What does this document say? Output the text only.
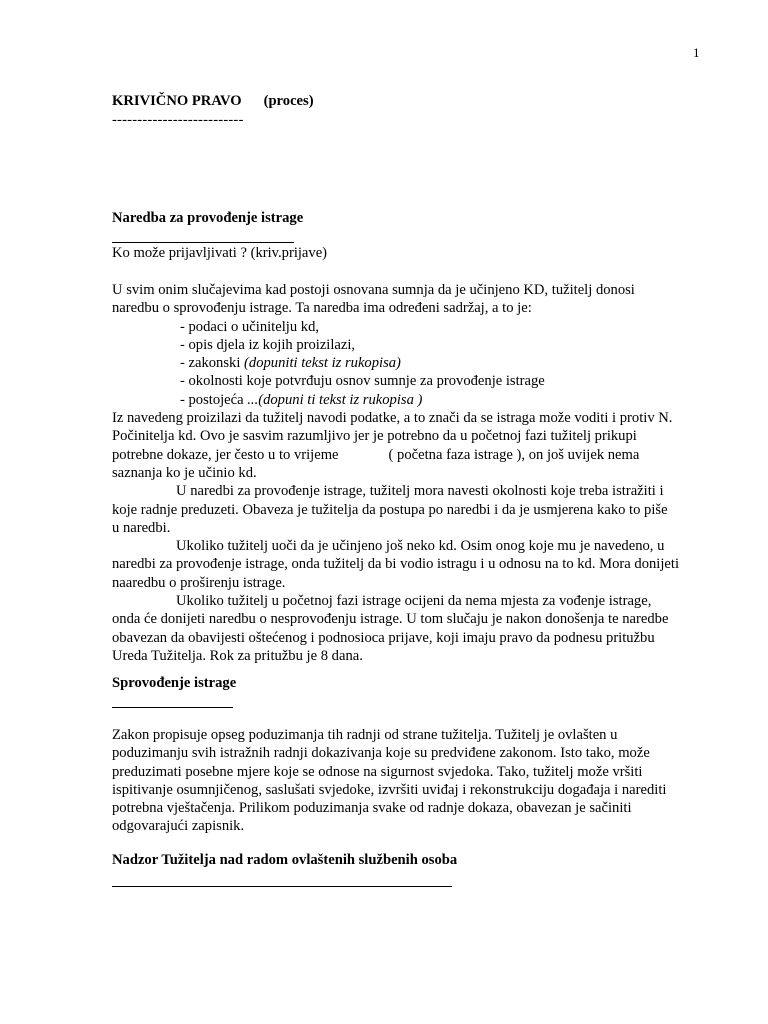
1
KRIVIČNO PRAVO (proces)
--------------------------
Naredba za provođenje istrage
Ko može prijavljivati ? (kriv.prijave)
U svim onim slučajevima kad postoji osnovana sumnja da je učinjeno KD, tužitelj donosi
naredbu o sprovođenju istrage. Ta naredba ima određeni sadržaj, a to je:
- podaci o učinitelju kd,
- opis djela iz kojih proizilazi,
- zakonski (dopuniti tekst iz rukopisa)
- okolnosti koje potvrđuju osnov sumnje za provođenje istrage
- postojeća ...(dopuni ti tekst iz rukopisa )
Iz navedeng proizilazi da tužitelj navodi podatke, a to znači da se istraga može voditi i protiv N.
Počinitelja kd. Ovo je sasvim razumljivo jer je potrebno da u početnoj fazi tužitelj prikupi
potrebne dokaze, jer često u to vrijeme	( početna faza istrage ), on još uvijek nema
saznanja ko je učinio kd.
U naredbi za provođenje istrage, tužitelj mora navesti okolnosti koje treba istražiti i
koje radnje preduzeti. Obaveza je tužitelja da postupa po naredbi i da je usmjerena kako to piše
u naredbi.
Ukoliko tužitelj uoči da je učinjeno još neko kd. Osim onog koje mu je navedeno, u
naredbi za provođenje istrage, onda tužitelj da bi vodio istragu i u odnosu na to kd. Mora donijeti
naaredbu o proširenju istrage.
Ukoliko tužitelj u početnoj fazi istrage ocijeni da nema mjesta za vođenje istrage,
onda će donijeti naredbu o nesprovođenju istrage. U tom slučaju je nakon donošenja te naredbe
obavezan da obavijesti oštećenog i podnosioca prijave, koji imaju pravo da podnesu pritužbu
Ureda Tužitelja. Rok za pritužbu je 8 dana.
Sprovođenje istrage
Zakon propisuje opseg poduzimanja tih radnji od strane tužitelja. Tužitelj je ovlašten u
poduzimanju svih istražnih radnji dokazivanja koje su predviđene zakonom. Isto tako, može
preduzimati posebne mjere koje se odnose na sigurnost svjedoka. Tako, tužitelj može vršiti
ispitivanje osumnjičenog, saslušati svjedoke, izvršiti uviđaj i rekonstrukciju događaja i narediti
potrebna vještačenja. Prilikom poduzimanja svake od radnje dokaza, obavezan je sačiniti
odgovarajući zapisnik.
Nadzor Tužitelja nad radom ovlaštenih službenih osoba
